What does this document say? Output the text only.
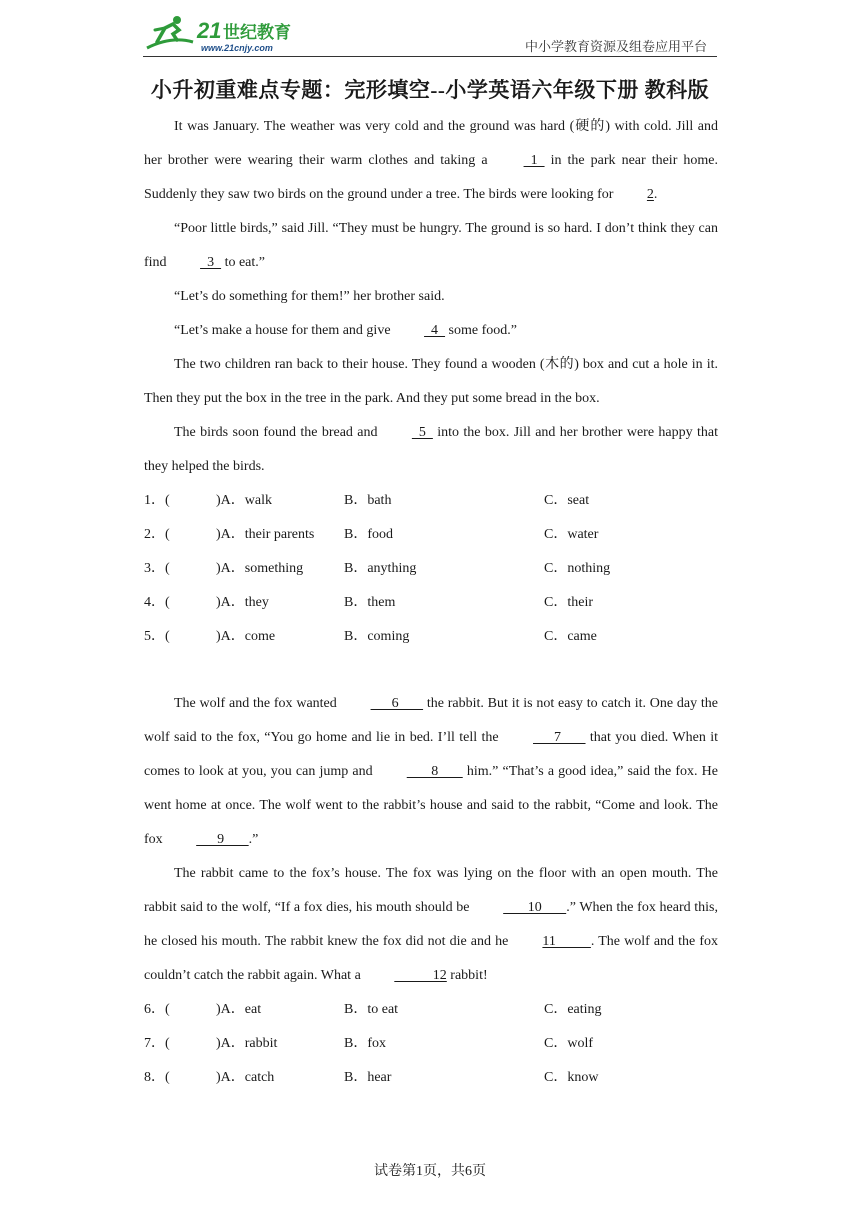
21 世纪教育
www.21cnjy.com	中小学教育资源及组卷应用平台
小升初重难点专题：完形填空--小学英语六年级下册 教科版

It was January. The weather was very cold and the ground was hard (硬的) with cold. Jill and her brother were wearing their warm clothes and taking a   1   in the park near their home. Suddenly they saw two birds on the ground under a tree. The birds were looking for 2.

“Poor little birds,” said Jill. “They must be hungry. The ground is so hard. I don’t think they can find   3   to eat.”

“Let’s do something for them!” her brother said.

“Let’s make a house for them and give   4   some food.”

The two children ran back to their house. They found a wooden (木的) box and cut a hole in it. Then they put the box in the tree in the park. And they put some bread in the box.

The birds soon found the bread and   5   into the box. Jill and her brother were happy that they helped the birds.

1．(	)A．walk	B．bath	C．seat
2．(	)A．their parents B．food	C．water
3．(	)A．something	B．anything	C．nothing
4．(	)A．they	B．them	C．their
5．(	)A．come	B．coming	C．came

The wolf and the fox wanted       6        the rabbit. But it is not easy to catch it. One day the wolf said to the fox, “You go home and lie in bed. I’ll tell the       7        that you died. When it comes to look at you, you can jump and        8        him.” “That’s a good idea,” said the fox. He went home at once. The wolf went to the rabbit’s house and said to the rabbit, “Come and look. The fox       9       .”

The rabbit came to the fox’s house. The fox was lying on the floor with an open mouth. The rabbit said to the wolf, “If a fox dies, his mouth should be        10       .” When the fox heard this, he closed his mouth. The rabbit knew the fox did not die and he 11          . The wolf and the fox couldn’t catch the rabbit again. What a            12 rabbit!

6．(	)A．eat	B．to eat	C．eating
7．(	)A．rabbit	B．fox	C．wolf
8．(	)A．catch	B．hear	C．know
试卷第1页，共6页
